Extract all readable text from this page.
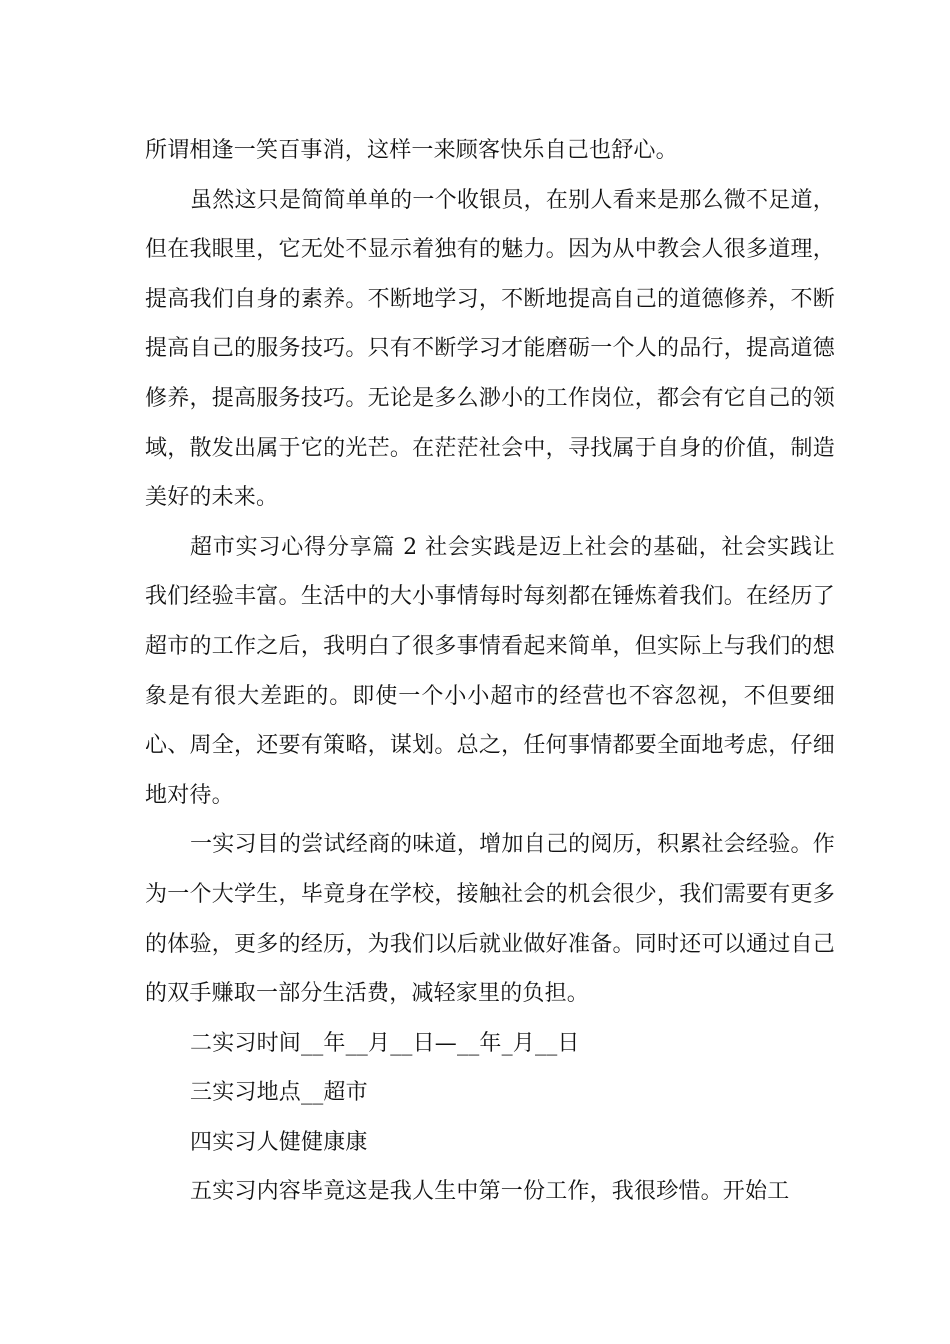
所谓相逢一笑百事消，这样一来顾客快乐自己也舒心。

虽然这只是简简单单的一个收银员，在别人看来是那么微不足道，但在我眼里，它无处不显示着独有的魅力。因为从中教会人很多道理，提高我们自身的素养。不断地学习，不断地提高自己的道德修养，不断提高自己的服务技巧。只有不断学习才能磨砺一个人的品行，提高道德修养，提高服务技巧。无论是多么渺小的工作岗位，都会有它自己的领域，散发出属于它的光芒。在茫茫社会中，寻找属于自身的价值，制造美好的未来。

超市实习心得分享篇 2 社会实践是迈上社会的基础，社会实践让我们经验丰富。生活中的大小事情每时每刻都在锤炼着我们。在经历了超市的工作之后，我明白了很多事情看起来简单，但实际上与我们的想象是有很大差距的。即使一个小小超市的经营也不容忽视，不但要细心、周全，还要有策略，谋划。总之，任何事情都要全面地考虑，仔细地对待。

一实习目的尝试经商的味道，增加自己的阅历，积累社会经验。作为一个大学生，毕竟身在学校，接触社会的机会很少，我们需要有更多的体验，更多的经历，为我们以后就业做好准备。同时还可以通过自己的双手赚取一部分生活费，减轻家里的负担。

二实习时间__年__月__日—__年_月__日

三实习地点__超市

四实习人健健康康

五实习内容毕竟这是我人生中第一份工作，我很珍惜。开始工
